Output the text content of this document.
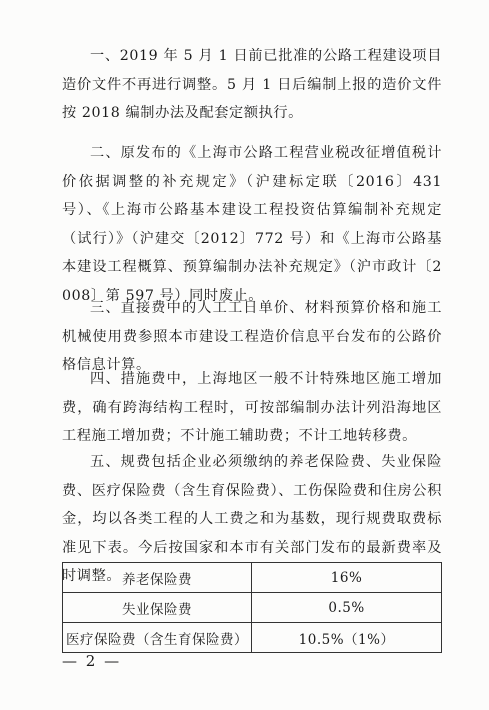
一、2019 年 5 月 1 日前已批准的公路工程建设项目造价文件不再进行调整。5 月 1 日后编制上报的造价文件按 2018 编制办法及配套定额执行。

二、原发布的《上海市公路工程营业税改征增值税计价依据调整的补充规定》（沪建标定联〔2016〕431 号）、《上海市公路基本建设工程投资估算编制补充规定（试行）》（沪建交〔2012〕772 号）和《上海市公路基本建设工程概算、预算编制办法补充规定》（沪市政计〔2008〕第 597 号）同时废止。

三、直接费中的人工工日单价、材料预算价格和施工机械使用费参照本市建设工程造价信息平台发布的公路价格信息计算。

四、措施费中，上海地区一般不计特殊地区施工增加费，确有跨海结构工程时，可按部编制办法计列沿海地区工程施工增加费；不计施工辅助费；不计工地转移费。

五、规费包括企业必须缴纳的养老保险费、失业保险费、医疗保险费（含生育保险费）、工伤保险费和住房公积金，均以各类工程的人工费之和为基数，现行规费取费标准见下表。今后按国家和本市有关部门发布的最新费率及时调整。 养老保险费	16%
失业保险费	0.5%
医疗保险费（含生育保险费）	10.5%（1%）
— 2 —
